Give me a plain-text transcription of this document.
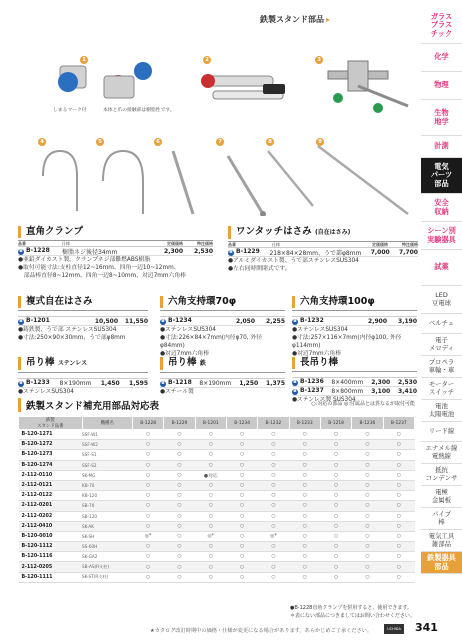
鉄製スタンド部品 ▸	ガラス
プラス
チック
化学
物理
生物
地学
計測
電気
パーツ
部品
安全
収納
シーン別
実験器具
試薬
LED
豆電球
ベルチェ
電子
メロディ
プロペラ
車輪・車
モーター
スイッチ
電池
太陽電池
リード線
エナメル線
電熱線
抵抗
コンデンサ
電極
金属板
パイプ
棒
電気工具
雑部品
鉄製器具
部品
1	2	3
4	5	6	7	8	9
しまるマーク付	本体と爪の接触部は樹脂性です。
直角クランプ
品番	仕様	定価価格	特注価格
B B-1228	樹脂ネジ後径34mm	2,300	2,530
●亜鉛ダイカスト製、クランプネジ部難燃ABS樹脂
●取付可能寸法:支柱直径12~16mm、四角一辺10~12mm、
　部品棒直径8~12mm、四角一辺8~10mm、対辺7mm六角棒
ワンタッチはさみ (自在はさみ)
品番	仕様	定価価格	特注価格
B B-1229	218×84×28mm、うで部φ8mm	7,000	7,700
●アルミダイカスト製、うで部ステンレスSUS304
●左右同時開閉式です。
複式自在はさみ
B B-1201	10,500	11,550
●鋳鉄製、うで部 ステンレスSUS304
●寸法:250×90×30mm、うで部φ8mm
六角支持環70φ
B B-1234	2,050	2,255
●ステンレスSUS304
●寸法:226×84×7mm(内径φ70, 外径φ84mm)
●対辺7mm六角棒
六角支持環100φ
B B-1232	2,900	3,190
●ステンレスSUS304
●寸法:257×116×7mm(内径φ100, 外径φ114mm)
●対辺7mm六角棒
吊り棒 ステンレス
B B-1233	8×190mm	1,450	1,595
●ステンレスSUS304
吊り棒 鉄
B B-1218	8×190mm	1,250	1,375
●スチール製
長吊り棒
B B-1236	8×400mm	2,300	2,530
B B-1237	8×800mm	3,100	3,410
●ステンレス製 SUS304
鉄製スタンド補充用部品対応表	○:対応の部品 ◎:付属品とは異なるが取付可能
鉄製
スタンド品番	機種名	B-1228	B-1229	B-1201	B-1234	B-1232	B-1233	B-1218	B-1236	B-1237
B-120-1271	SSF-W1	○	○	○	○	○	○	○	○	○
B-120-1272	SSF-W2	○	○	○	○	○	○	○	○	○
B-120-1273	SSF-S1	○	○	○	○	○	○	○	○	○
B-120-1274	SSF-S2	○	○	○	○	○	○	○	○	○
2-112-0110	SK-MG	○	○	●対応	○	○	○	○	○	○
2-112-0121	KB-70	○	○	○	○	○	○	○	○	○
2-112-0122	KB-120	○	○	○	○	○	○	○	○	○
2-112-0201	SB-70	○	○	○	○	○	○	○	○	○
2-112-0202	SB-120	○	○	○	○	○	○	○	○	○
2-112-0410	SK-AK	○	○	○	○	○	○	○	○	○
B-120-0010	SK-SH	◎*	○	◎*	○	◎*	○	○	○	○
B-120-1112	SS-60H	○	○	○	○	○	○	○	○	○
B-120-1116	SK-GA2	○	○	○	○	○	○	○	○	○
2-112-0205	SB-AS(R支柱)	○	○	○	○	○	○	○	○	○
B-120-1111	SK-ST(R支柱)	○	○	○	○	○	○	○	○	○
●B-1228直角クランプを併用すると、使用できます。
＊表にない部品につきましてはお問い合わせください。
★カタログ改訂時期中の価格・仕様が変更になる場合があります。あらかじめご了承ください。	UCHIDA 341
